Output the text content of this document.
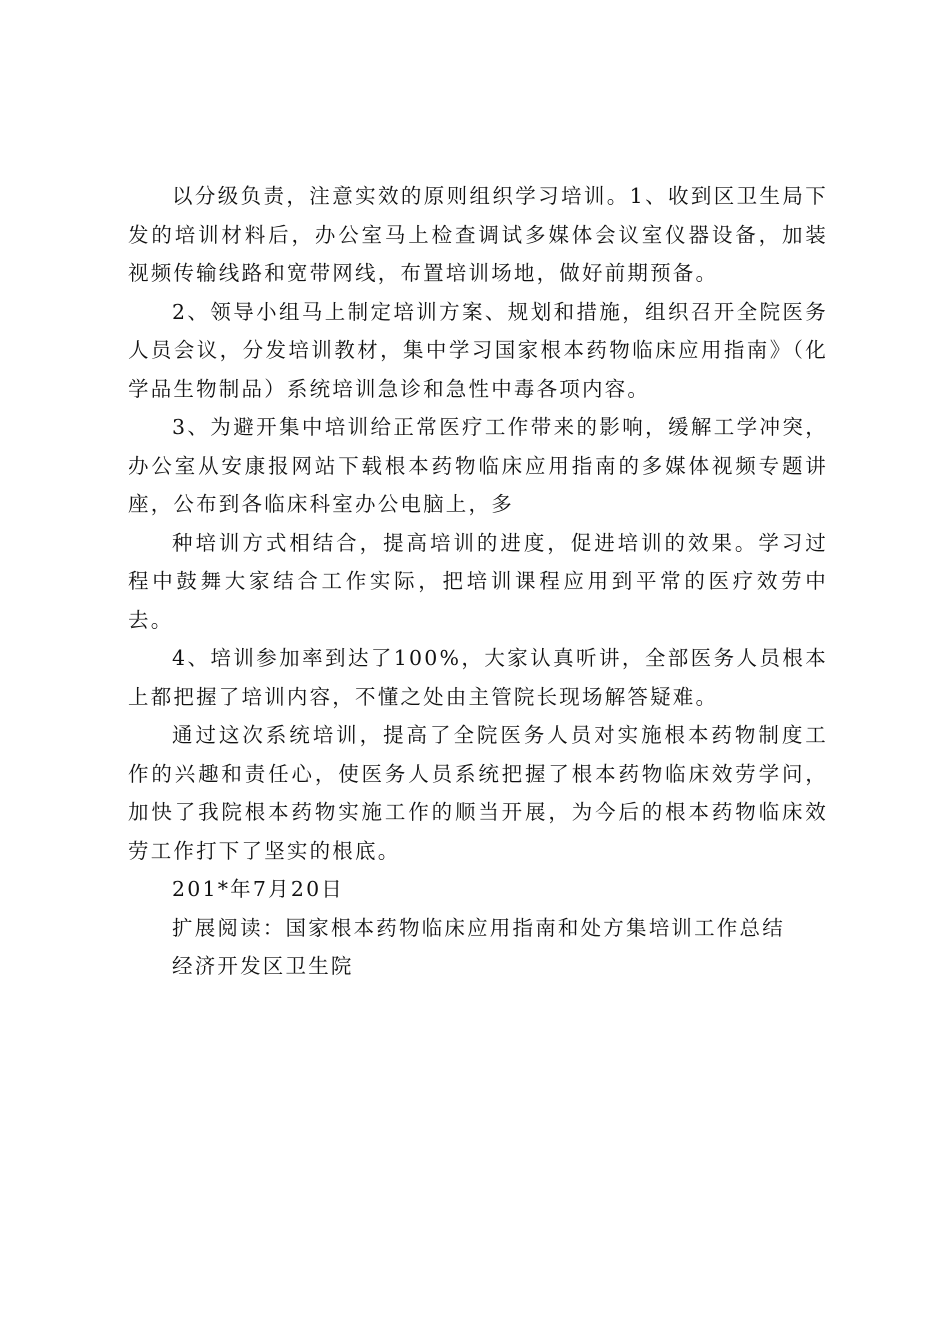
以分级负责，注意实效的原则组织学习培训。1、收到区卫生局下发的培训材料后，办公室马上检查调试多媒体会议室仪器设备，加装视频传输线路和宽带网线，布置培训场地，做好前期预备。

2、领导小组马上制定培训方案、规划和措施，组织召开全院医务人员会议，分发培训教材，集中学习国家根本药物临床应用指南》（化学品生物制品）系统培训急诊和急性中毒各项内容。

3、为避开集中培训给正常医疗工作带来的影响，缓解工学冲突，办公室从安康报网站下载根本药物临床应用指南的多媒体视频专题讲座，公布到各临床科室办公电脑上，多

种培训方式相结合，提高培训的进度，促进培训的效果。学习过程中鼓舞大家结合工作实际，把培训课程应用到平常的医疗效劳中去。

4、培训参加率到达了100%，大家认真听讲，全部医务人员根本上都把握了培训内容，不懂之处由主管院长现场解答疑难。

通过这次系统培训，提高了全院医务人员对实施根本药物制度工作的兴趣和责任心，使医务人员系统把握了根本药物临床效劳学问，加快了我院根本药物实施工作的顺当开展，为今后的根本药物临床效劳工作打下了坚实的根底。

201*年7月20日

扩展阅读：国家根本药物临床应用指南和处方集培训工作总结

经济开发区卫生院
